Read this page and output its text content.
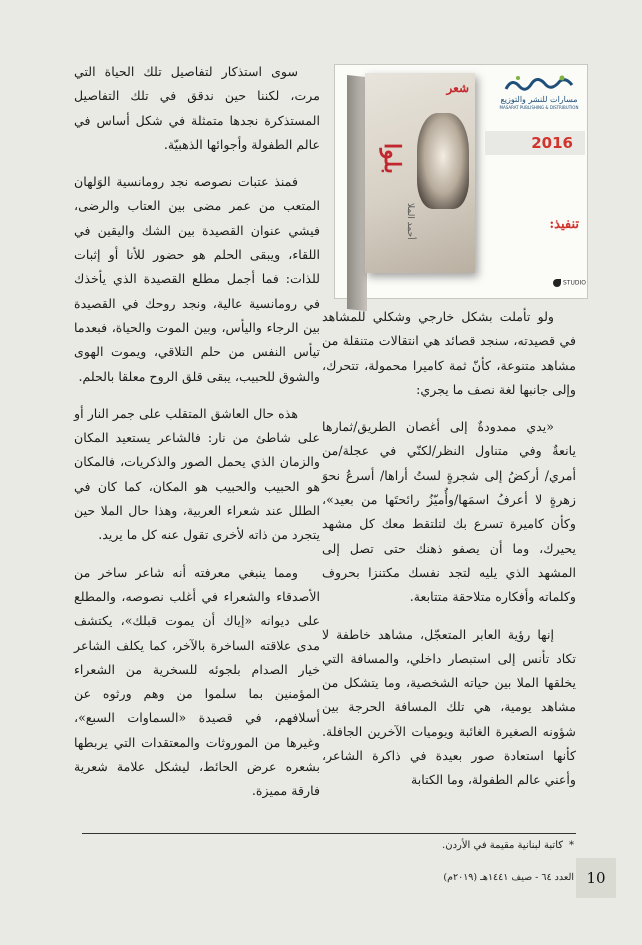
سوى استذكار لتفاصيل تلك الحياة التي مرت، لكننا حين ندقق في تلك التفاصيل المستذكرة نجدها متمثلة في شكل أساس في عالم الطفولة وأجوائها الذهبيّة.

فمنذ عتبات نصوصه نجد رومانسية الوَلهان المتعب من عمر مضى بين العتاب والرضى، فيشي عنوان القصيدة بين الشك واليقين في اللقاء، ويبقى الحلم هو حضور للأنا أو إثبات للذات: فما أجمل مطلع القصيدة الذي يأخذك في رومانسية عالية، ونجد روحك في القصيدة بين الرجاء واليأس، وبين الموت والحياة، فبعدما تيأس النفس من حلم التلاقي، ويموت الهوى والشوق للحبيب، يبقى قلق الروح معلقا بالحلم.

هذه حال العاشق المتقلب على جمر النار أو على شاطئ من نار: فالشاعر يستعيد المكان والزمان الذي يحمل الصور والذكريات، فالمكان هو الحبيب والحبيب هو المكان، كما كان في الطلل عند شعراء العربية، وهذا حال الملا حين يتجرد من ذاته لأخرى تقول عنه كل ما يريد.

ومما ينبغي معرفته أنه شاعر ساخر من الأصدقاء والشعراء في أغلب نصوصه، والمطلع على ديوانه «إياك أن يموت قبلك»، يكتشف مدى علاقته الساخرة بالآخر، كما يكلف الشاعر خيار الصدام بلجوئه للسخرية من الشعراء المؤمنين بما سلموا من وهم ورثوه عن أسلافهم، في قصيدة «السماوات السبع»، وغيرها من الموروثات والمعتقدات التي يربطها بشعره عرض الحائط، ليشكل علامة شعرية فارقة مميزة.

شعر
بلوا
أحمد الملا
مسارات للنشر والتوزيع
MASARAT PUBLISHING & DISTRIBUTION
2016
تنفيذ:
STUDIO

ولو تأملت بشكل خارجي وشكلي للمشاهد في قصيدته، سنجد قصائد هي انتقالات متنقلة من مشاهد متنوعة، كأنّ ثمة كاميرا محمولة، تتحرك، وإلى جانبها لغة نصف ما يجري:

«يدي ممدودةٌ إلى أغصان الطريق/ثمارها يانعةٌ وفي متناول النظر/لكنّي في عجلة/من أمري/ أركضُ إلى شجرةٍ لستُ أراها/ أسرعُ نحوَ زهرةٍ لا أعرفُ اسمَها/وأُميّزُ رائحتَها من بعيد»، وكأن كاميرة تسرع بك لتلتقط معك كل مشهد يحيرك، وما أن يصفو ذهنك حتى تصل إلى المشهد الذي يليه لتجد نفسك مكتنزا بحروف وكلماته وأفكاره متلاحقة متتابعة.

إنها رؤية العابر المتعجّل، مشاهد خاطفة لا تكاد تأنس إلى استبصار داخلي، والمسافة التي يخلقها الملا بين حياته الشخصية، وما يتشكل من مشاهد يومية، هي تلك المسافة الحرجة بين شؤونه الصغيرة الغائبة ويوميات الآخرين الجافلة. كأنها استعادة صور بعيدة في ذاكرة الشاعر، وأعني عالم الطفولة، وما الكتابة

*كاتبة لبنانية مقيمة في الأردن.
العدد ٦٤ - صيف ١٤٤١هـ (٢٠١٩م) 10
